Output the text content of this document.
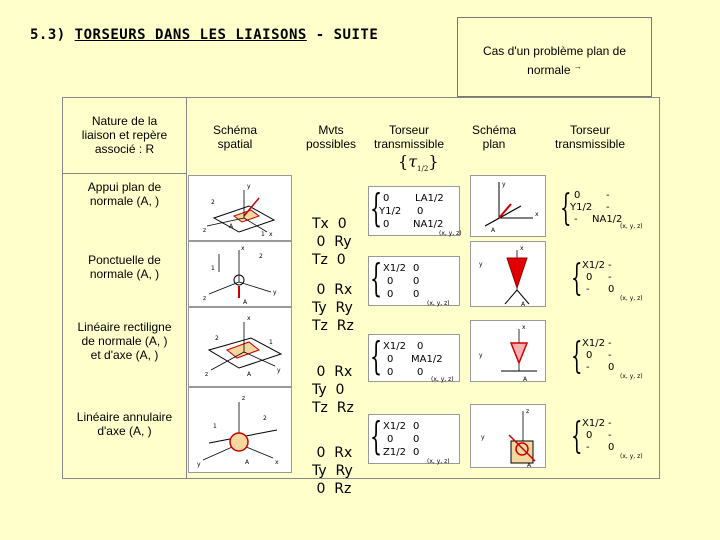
5.3) TORSEURS DANS LES LIAISONS - SUITE
Cas d'un problème plan de
normale →
Schéma
spatial
Mvts
possibles
Torseur
transmissible
$\{\tau_{1/2}\}$
Schéma
plan
Torseur
transmissible
Nature de la
liaison et repère
associé : R
Appui plan de
normale (A, )
Ponctuelle de
normale (A, )
Linéaire rectiligne
de normale (A, )
et d'axe (A, )
Linéaire annulaire
d'axe (A, )
2
1
A
y
z
x
1
2
x
z
y
A
2
1
x
z
y
A
1
2
z
y	x
A

Tx  0
0  Ry
Tz  0

0  Rx
Ty  Ry
Tz  Rz

0  Rx
Ty  0
Tz  Rz

0  Rx
Ty  Ry
0  Rz

{ 0
Y1/2
0
LA1/2
0
NA1/2
(x, y, z)
{ X1/2
0
0
0
0
0
(x, y, z)
{ X1/2
0
0
0
MA1/2
0
(x, y, z)
{ X1/2
0
Z1/2
0
0
0
(x, y, z)
y
x
A
y
x
A
y
x
A
y
z
A
{ 0
Y1/2
-
-
-
NA1/2
(x, y, z)
{ X1/2
0
-
-
-
0
(x, y, z)
{ X1/2
0
-
-
-
0
(x, y, z)
{ X1/2
0
-
-
-
0
(x, y, z)
